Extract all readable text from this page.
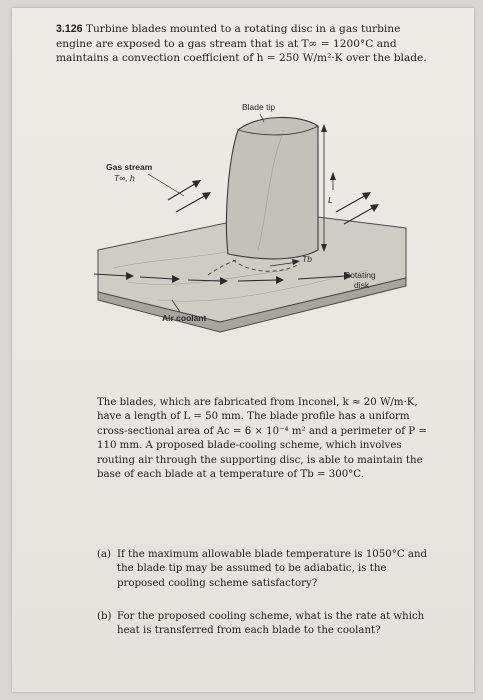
3.126 Turbine blades mounted to a rotating disc in a gas turbine engine are exposed to a gas stream that is at T∞ = 1200°C and maintains a convection coefficient of h = 250 W/m²·K over the blade.
Blade tip
Gas stream
T∞, h
L
Tb
Rotating
disk
Air coolant

The blades, which are fabricated from Inconel, k ≈ 20 W/m·K, have a length of L = 50 mm. The blade profile has a uniform cross-sectional area of Ac = 6 × 10⁻⁴ m² and a perimeter of P = 110 mm. A proposed blade-cooling scheme, which involves routing air through the supporting disc, is able to maintain the base of each blade at a temperature of Tb = 300°C.

(a) If the maximum allowable blade temperature is 1050°C and the blade tip may be assumed to be adiabatic, is the proposed cooling scheme satisfactory?
(b) For the proposed cooling scheme, what is the rate at which heat is transferred from each blade to the coolant?
